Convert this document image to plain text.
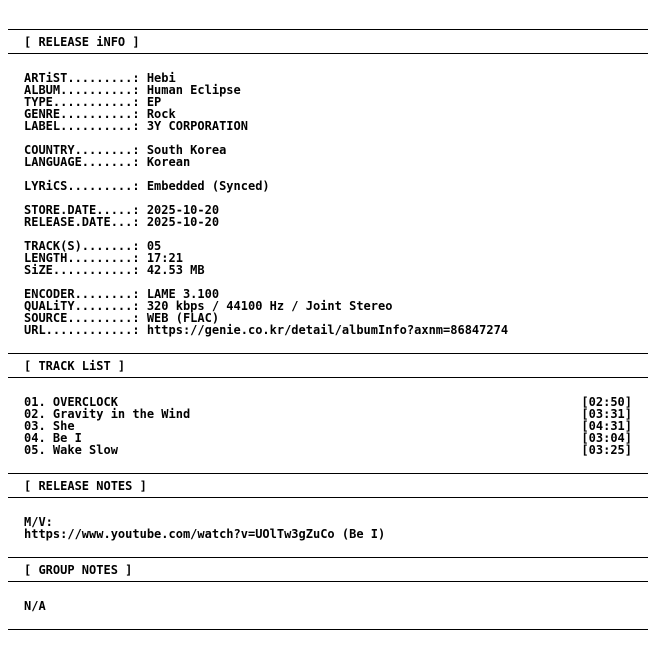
[ RELEASE iNFO ]
ARTiST.........: Hebi
ALBUM..........: Human Eclipse
TYPE...........: EP
GENRE..........: Rock
LABEL..........: 3Y CORPORATION
COUNTRY........: South Korea
LANGUAGE.......: Korean
LYRiCS.........: Embedded (Synced)
STORE.DATE.....: 2025-10-20
RELEASE.DATE...: 2025-10-20
TRACK(S).......: 05
LENGTH.........: 17:21
SiZE...........: 42.53 MB
ENCODER........: LAME 3.100
QUALiTY........: 320 kbps / 44100 Hz / Joint Stereo
SOURCE.........: WEB (FLAC)
URL............: https://genie.co.kr/detail/albumInfo?axnm=86847274
[ TRACK LiST ]
01. OVERCLOCK	[02:50]
02. Gravity in the Wind	[03:31]
03. She	[04:31]
04. Be I	[03:04]
05. Wake Slow	[03:25]
[ RELEASE NOTES ]
M/V:
https://www.youtube.com/watch?v=UOlTw3gZuCo (Be I)
[ GROUP NOTES ]
N/A
